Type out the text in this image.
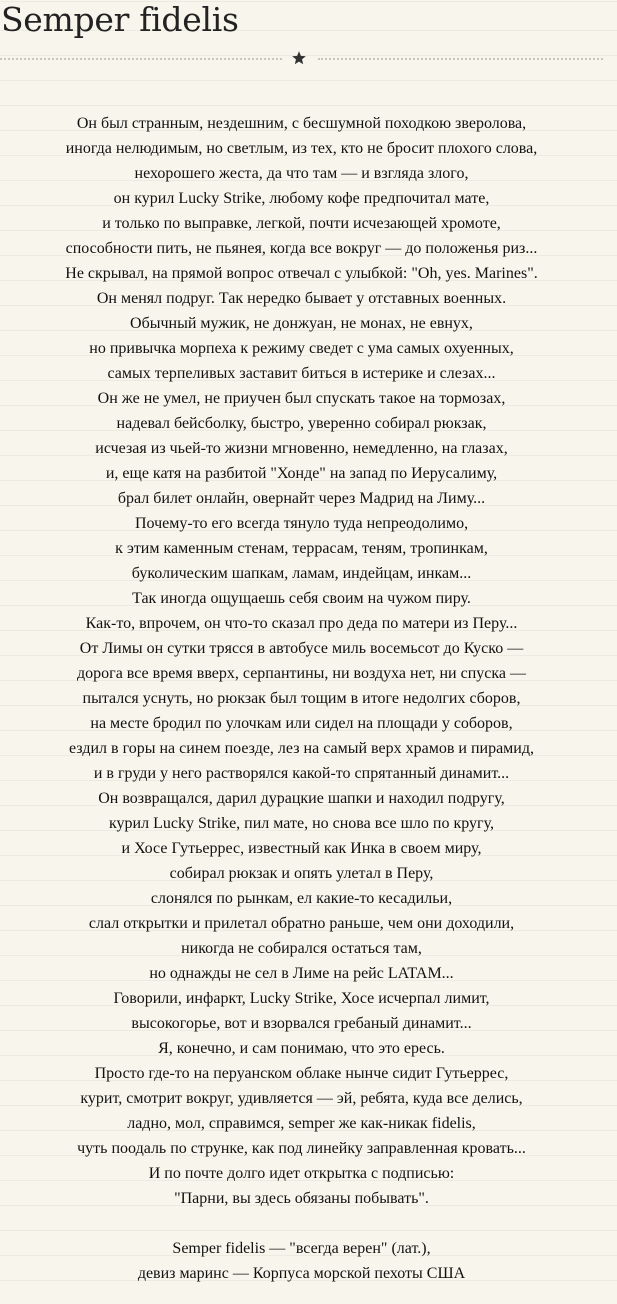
Semper fidelis
Он был странным, нездешним, с бесшумной походкою зверолова,
иногда нелюдимым, но светлым, из тех, кто не бросит плохого слова,
нехорошего жеста, да что там — и взгляда злого,
он курил Lucky Strike, любому кофе предпочитал мате,
и только по выправке, легкой, почти исчезающей хромоте,
способности пить, не пьянея, когда все вокруг — до положенья риз...
Не скрывал, на прямой вопрос отвечал с улыбкой: "Oh, yes. Marines".
Он менял подруг. Так нередко бывает у отставных военных.
Обычный мужик, не донжуан, не монах, не евнух,
но привычка морпеха к режиму сведет с ума самых охуенных,
самых терпеливых заставит биться в истерике и слезах...
Он же не умел, не приучен был спускать такое на тормозах,
надевал бейсболку, быстро, уверенно собирал рюкзак,
исчезая из чьей-то жизни мгновенно, немедленно, на глазах,
и, еще катя на разбитой "Хонде" на запад по Иерусалиму,
брал билет онлайн, овернайт через Мадрид на Лиму...
Почему-то его всегда тянуло туда непреодолимо,
к этим каменным стенам, террасам, теням, тропинкам,
буколическим шапкам, ламам, индейцам, инкам...
Так иногда ощущаешь себя своим на чужом пиру.
Как-то, впрочем, он что-то сказал про деда по матери из Перу...
От Лимы он сутки трясся в автобусе миль восемьсот до Куско —
дорога все время вверх, серпантины, ни воздуха нет, ни спуска —
пытался уснуть, но рюкзак был тощим в итоге недолгих сборов,
на месте бродил по улочкам или сидел на площади у соборов,
ездил в горы на синем поезде, лез на самый верх храмов и пирамид,
и в груди у него растворялся какой-то спрятанный динамит...
Он возвращался, дарил дурацкие шапки и находил подругу,
курил Lucky Strike, пил мате, но снова все шло по кругу,
и Хосе Гутьеррес, известный как Инка в своем миру,
собирал рюкзак и опять улетал в Перу,
слонялся по рынкам, ел какие-то кесадильи,
слал открытки и прилетал обратно раньше, чем они доходили,
никогда не собирался остаться там,
но однажды не сел в Лиме на рейс LATAM...
Говорили, инфаркт, Lucky Strike, Хосе исчерпал лимит,
высокогорье, вот и взорвался гребаный динамит...
Я, конечно, и сам понимаю, что это ересь.
Просто где-то на перуанском облаке нынче сидит Гутьеррес,
курит, смотрит вокруг, удивляется — эй, ребята, куда все делись,
ладно, мол, справимся, semper же как-никак fidelis,
чуть поодаль по струнке, как под линейку заправленная кровать...
И по почте долго идет открытка с подписью:
"Парни, вы здесь обязаны побывать".
Semper fidelis — "всегда верен" (лат.),
девиз маринс — Корпуса морской пехоты США
